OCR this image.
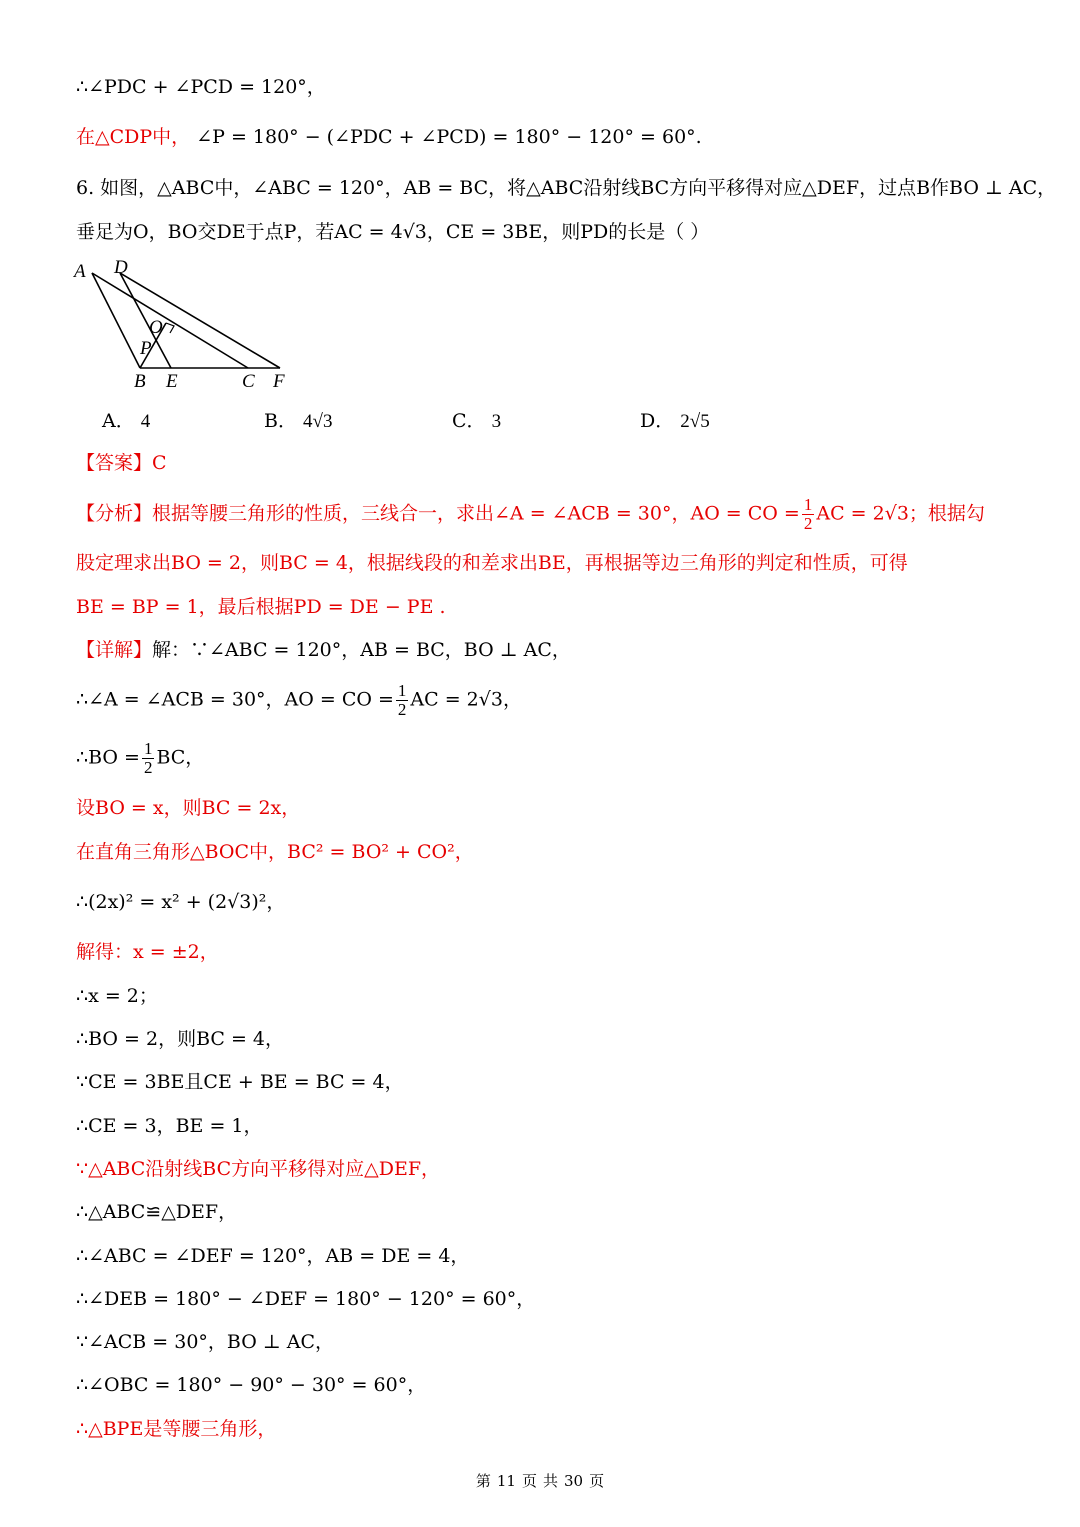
∴∠PDC + ∠PCD = 120°，
在△CDP中， ∠P = 180° − (∠PDC + ∠PCD) = 180° − 120° = 60°.
6. 如图，△ABC中，∠ABC = 120°，AB = BC，将△ABC沿射线BC方向平移得对应△DEF，过点B作BO ⊥ AC，
垂足为O，BO交DE于点P，若AC = 4√3，CE = 3BE，则PD的长是（ ）
A D
O
P
B E	C F
A． 4	B． 4√3	C． 3	D． 2√5
【答案】C
【分析】根据等腰三角形的性质，三线合一，求出∠A = ∠ACB = 30°，AO = CO = $\frac{1}{2}$ AC = 2√3；根据勾
股定理求出BO = 2，则BC = 4，根据线段的和差求出BE，再根据等边三角形的判定和性质，可得
BE = BP = 1，最后根据PD = DE − PE .
【详解】解：∵∠ABC = 120°，AB = BC，BO ⊥ AC，
∴∠A = ∠ACB = 30°，AO = CO = $\frac{1}{2}$ AC = 2√3，
∴BO = $\frac{1}{2}$ BC，
设BO = x，则BC = 2x，
在直角三角形△BOC中，BC² = BO² + CO²，
∴(2x)² = x² + (2√3)²，
解得：x = ±2，
∴x = 2；
∴BO = 2，则BC = 4，
∵CE = 3BE且CE + BE = BC = 4，
∴CE = 3，BE = 1，
∵△ABC沿射线BC方向平移得对应△DEF，
∴△ABC≌△DEF，
∴∠ABC = ∠DEF = 120°，AB = DE = 4，
∴∠DEB = 180° − ∠DEF = 180° − 120° = 60°，
∵∠ACB = 30°，BO ⊥ AC，
∴∠OBC = 180° − 90° − 30° = 60°，
∴△BPE是等腰三角形，
第 11 页 共 30 页
